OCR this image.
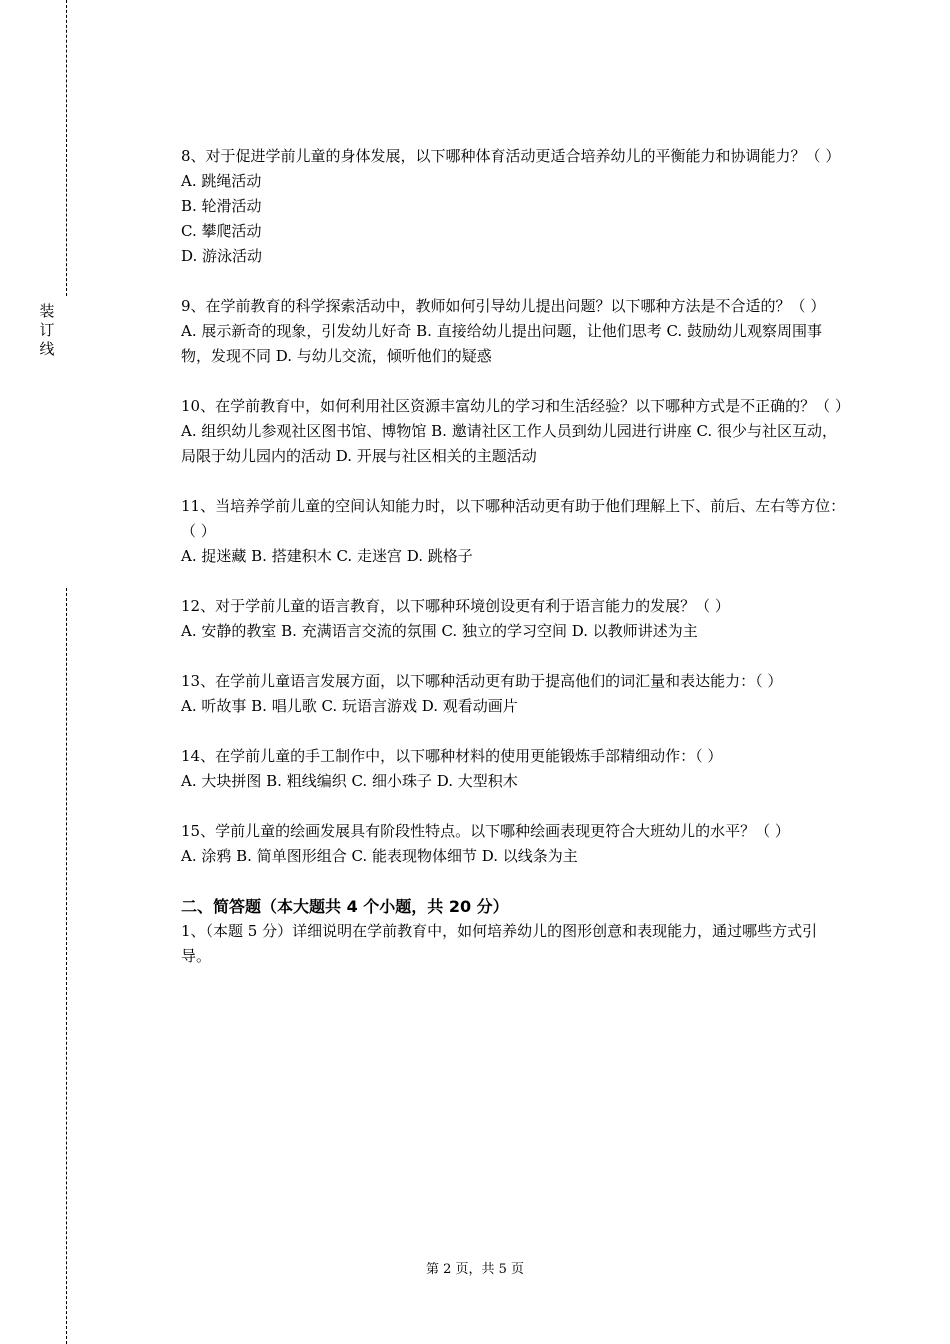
装订线

8、对于促进学前儿童的身体发展，以下哪种体育活动更适合培养幼儿的平衡能力和协调能力？（ ）

A. 跳绳活动

B. 轮滑活动

C. 攀爬活动

D. 游泳活动

9、在学前教育的科学探索活动中，教师如何引导幼儿提出问题？以下哪种方法是不合适的？（ ）

A. 展示新奇的现象，引发幼儿好奇 B. 直接给幼儿提出问题，让他们思考 C. 鼓励幼儿观察周围事物，发现不同 D. 与幼儿交流，倾听他们的疑惑

10、在学前教育中，如何利用社区资源丰富幼儿的学习和生活经验？以下哪种方式是不正确的？（ ）

A. 组织幼儿参观社区图书馆、博物馆 B. 邀请社区工作人员到幼儿园进行讲座 C. 很少与社区互动，局限于幼儿园内的活动 D. 开展与社区相关的主题活动

11、当培养学前儿童的空间认知能力时，以下哪种活动更有助于他们理解上下、前后、左右等方位：（ ）

A. 捉迷藏 B. 搭建积木 C. 走迷宫 D. 跳格子

12、对于学前儿童的语言教育，以下哪种环境创设更有利于语言能力的发展？（ ）

A. 安静的教室 B. 充满语言交流的氛围 C. 独立的学习空间 D. 以教师讲述为主

13、在学前儿童语言发展方面，以下哪种活动更有助于提高他们的词汇量和表达能力：（ ）

A. 听故事 B. 唱儿歌 C. 玩语言游戏 D. 观看动画片

14、在学前儿童的手工制作中，以下哪种材料的使用更能锻炼手部精细动作：（ ）

A. 大块拼图 B. 粗线编织 C. 细小珠子 D. 大型积木

15、学前儿童的绘画发展具有阶段性特点。以下哪种绘画表现更符合大班幼儿的水平？（ ）

A. 涂鸦 B. 简单图形组合 C. 能表现物体细节 D. 以线条为主

二、简答题（本大题共 4 个小题，共 20 分）

1、（本题 5 分）详细说明在学前教育中，如何培养幼儿的图形创意和表现能力，通过哪些方式引导。

第 2 页，共 5 页
